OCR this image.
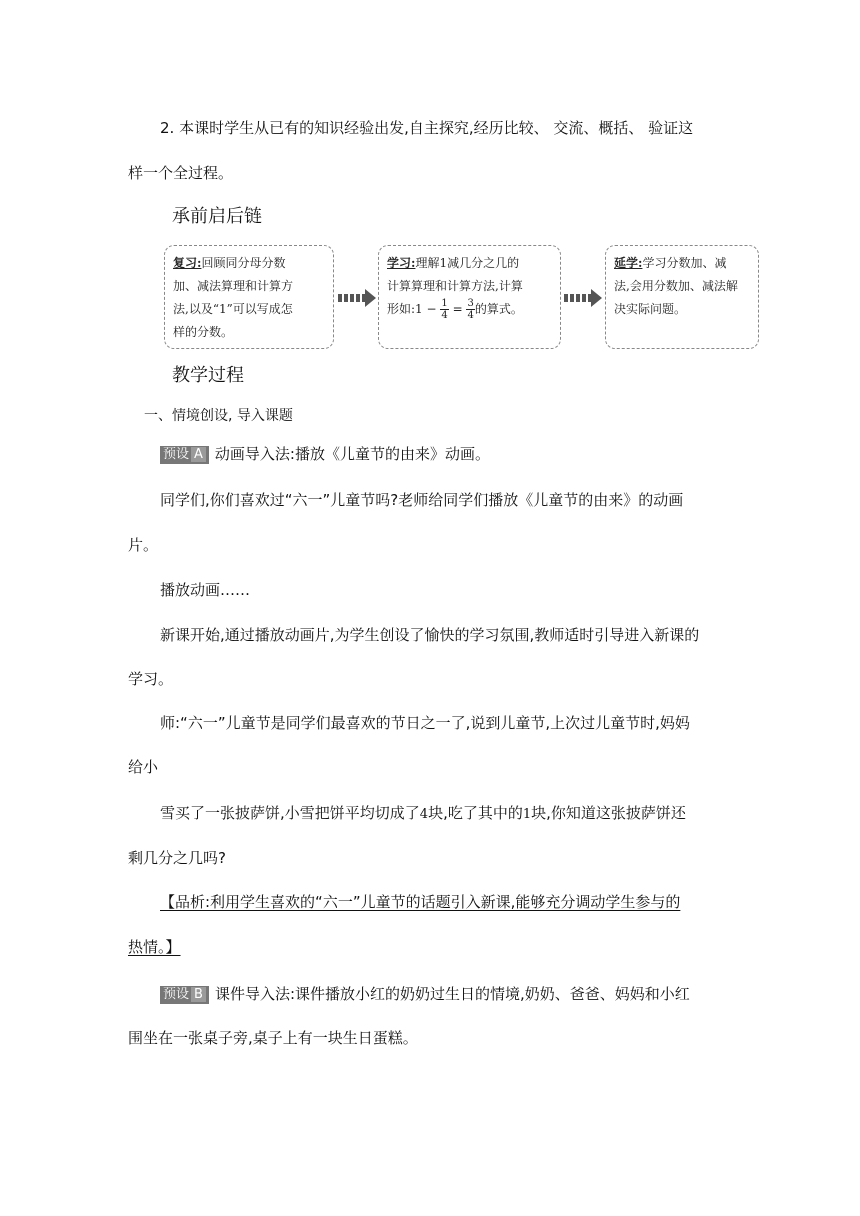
2. 本课时学生从已有的知识经验出发,自主探究,经历比较、 交流、概括、 验证这
样一个全过程。
承前启后链
复习:回顾同分母分数
加、减法算理和计算方
法,以及“1”可以写成怎
样的分数。
学习:理解1减几分之几的
计算算理和计算方法,计算
形如:1 − $\frac{1}{4} = \frac{3}{4}$ 的算式。
延学:学习分数加、减
法,会用分数加、减法解
决实际问题。
教学过程
一、情境创设, 导入课题
预设 A 动画导入法:播放《儿童节的由来》动画。
同学们,你们喜欢过“六一”儿童节吗?老师给同学们播放《儿童节的由来》的动画
片。
播放动画……
新课开始,通过播放动画片,为学生创设了愉快的学习氛围,教师适时引导进入新课的
学习。
师:“六一”儿童节是同学们最喜欢的节日之一了,说到儿童节,上次过儿童节时,妈妈
给小
雪买了一张披萨饼,小雪把饼平均切成了4块,吃了其中的1块,你知道这张披萨饼还
剩几分之几吗?
【品析:利用学生喜欢的“六一”儿童节的话题引入新课,能够充分调动学生参与的
热情。】
预设 B 课件导入法:课件播放小红的奶奶过生日的情境,奶奶、爸爸、妈妈和小红
围坐在一张桌子旁,桌子上有一块生日蛋糕。
